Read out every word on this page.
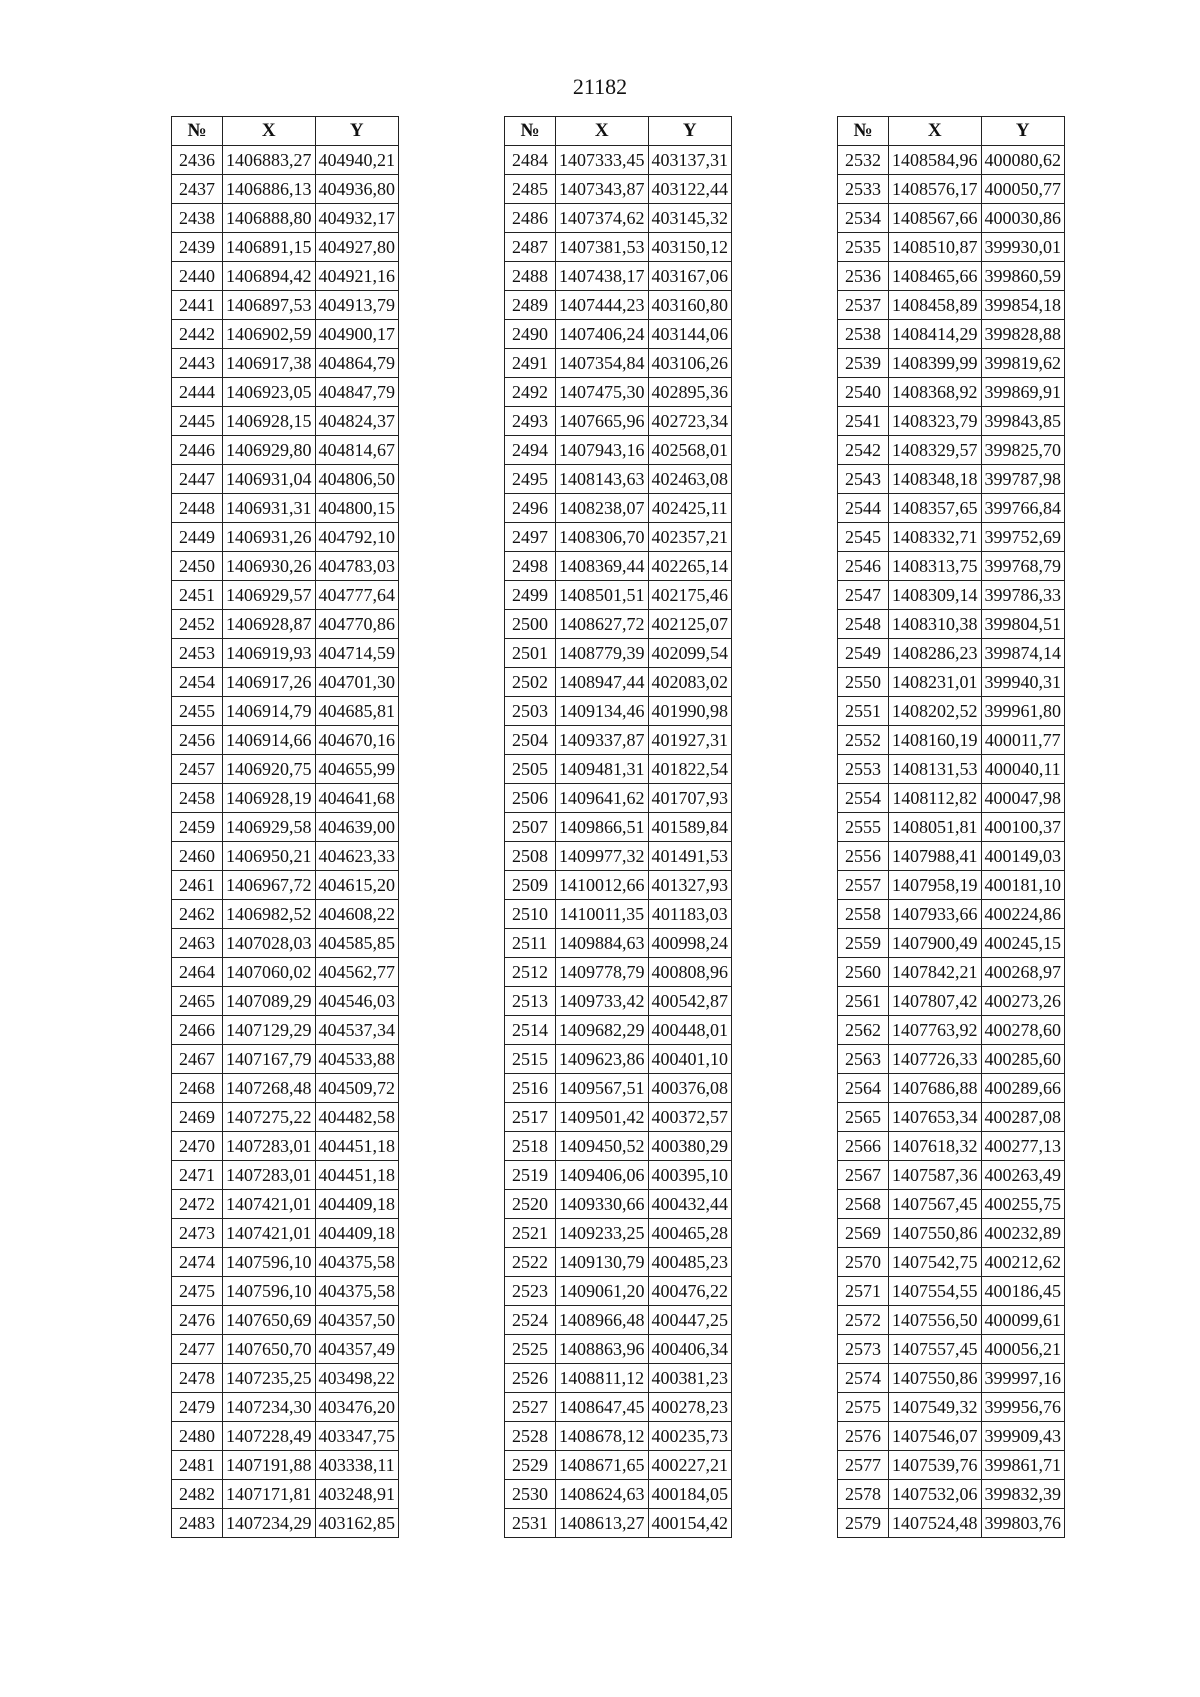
21182
№	X	Y
2436	1406883,27	404940,21
2437	1406886,13	404936,80
2438	1406888,80	404932,17
2439	1406891,15	404927,80
2440	1406894,42	404921,16
2441	1406897,53	404913,79
2442	1406902,59	404900,17
2443	1406917,38	404864,79
2444	1406923,05	404847,79
2445	1406928,15	404824,37
2446	1406929,80	404814,67
2447	1406931,04	404806,50
2448	1406931,31	404800,15
2449	1406931,26	404792,10
2450	1406930,26	404783,03
2451	1406929,57	404777,64
2452	1406928,87	404770,86
2453	1406919,93	404714,59
2454	1406917,26	404701,30
2455	1406914,79	404685,81
2456	1406914,66	404670,16
2457	1406920,75	404655,99
2458	1406928,19	404641,68
2459	1406929,58	404639,00
2460	1406950,21	404623,33
2461	1406967,72	404615,20
2462	1406982,52	404608,22
2463	1407028,03	404585,85
2464	1407060,02	404562,77
2465	1407089,29	404546,03
2466	1407129,29	404537,34
2467	1407167,79	404533,88
2468	1407268,48	404509,72
2469	1407275,22	404482,58
2470	1407283,01	404451,18
2471	1407283,01	404451,18
2472	1407421,01	404409,18
2473	1407421,01	404409,18
2474	1407596,10	404375,58
2475	1407596,10	404375,58
2476	1407650,69	404357,50
2477	1407650,70	404357,49
2478	1407235,25	403498,22
2479	1407234,30	403476,20
2480	1407228,49	403347,75
2481	1407191,88	403338,11
2482	1407171,81	403248,91
2483	1407234,29	403162,85
№	X	Y
2484	1407333,45	403137,31
2485	1407343,87	403122,44
2486	1407374,62	403145,32
2487	1407381,53	403150,12
2488	1407438,17	403167,06
2489	1407444,23	403160,80
2490	1407406,24	403144,06
2491	1407354,84	403106,26
2492	1407475,30	402895,36
2493	1407665,96	402723,34
2494	1407943,16	402568,01
2495	1408143,63	402463,08
2496	1408238,07	402425,11
2497	1408306,70	402357,21
2498	1408369,44	402265,14
2499	1408501,51	402175,46
2500	1408627,72	402125,07
2501	1408779,39	402099,54
2502	1408947,44	402083,02
2503	1409134,46	401990,98
2504	1409337,87	401927,31
2505	1409481,31	401822,54
2506	1409641,62	401707,93
2507	1409866,51	401589,84
2508	1409977,32	401491,53
2509	1410012,66	401327,93
2510	1410011,35	401183,03
2511	1409884,63	400998,24
2512	1409778,79	400808,96
2513	1409733,42	400542,87
2514	1409682,29	400448,01
2515	1409623,86	400401,10
2516	1409567,51	400376,08
2517	1409501,42	400372,57
2518	1409450,52	400380,29
2519	1409406,06	400395,10
2520	1409330,66	400432,44
2521	1409233,25	400465,28
2522	1409130,79	400485,23
2523	1409061,20	400476,22
2524	1408966,48	400447,25
2525	1408863,96	400406,34
2526	1408811,12	400381,23
2527	1408647,45	400278,23
2528	1408678,12	400235,73
2529	1408671,65	400227,21
2530	1408624,63	400184,05
2531	1408613,27	400154,42
№	X	Y
2532	1408584,96	400080,62
2533	1408576,17	400050,77
2534	1408567,66	400030,86
2535	1408510,87	399930,01
2536	1408465,66	399860,59
2537	1408458,89	399854,18
2538	1408414,29	399828,88
2539	1408399,99	399819,62
2540	1408368,92	399869,91
2541	1408323,79	399843,85
2542	1408329,57	399825,70
2543	1408348,18	399787,98
2544	1408357,65	399766,84
2545	1408332,71	399752,69
2546	1408313,75	399768,79
2547	1408309,14	399786,33
2548	1408310,38	399804,51
2549	1408286,23	399874,14
2550	1408231,01	399940,31
2551	1408202,52	399961,80
2552	1408160,19	400011,77
2553	1408131,53	400040,11
2554	1408112,82	400047,98
2555	1408051,81	400100,37
2556	1407988,41	400149,03
2557	1407958,19	400181,10
2558	1407933,66	400224,86
2559	1407900,49	400245,15
2560	1407842,21	400268,97
2561	1407807,42	400273,26
2562	1407763,92	400278,60
2563	1407726,33	400285,60
2564	1407686,88	400289,66
2565	1407653,34	400287,08
2566	1407618,32	400277,13
2567	1407587,36	400263,49
2568	1407567,45	400255,75
2569	1407550,86	400232,89
2570	1407542,75	400212,62
2571	1407554,55	400186,45
2572	1407556,50	400099,61
2573	1407557,45	400056,21
2574	1407550,86	399997,16
2575	1407549,32	399956,76
2576	1407546,07	399909,43
2577	1407539,76	399861,71
2578	1407532,06	399832,39
2579	1407524,48	399803,76
